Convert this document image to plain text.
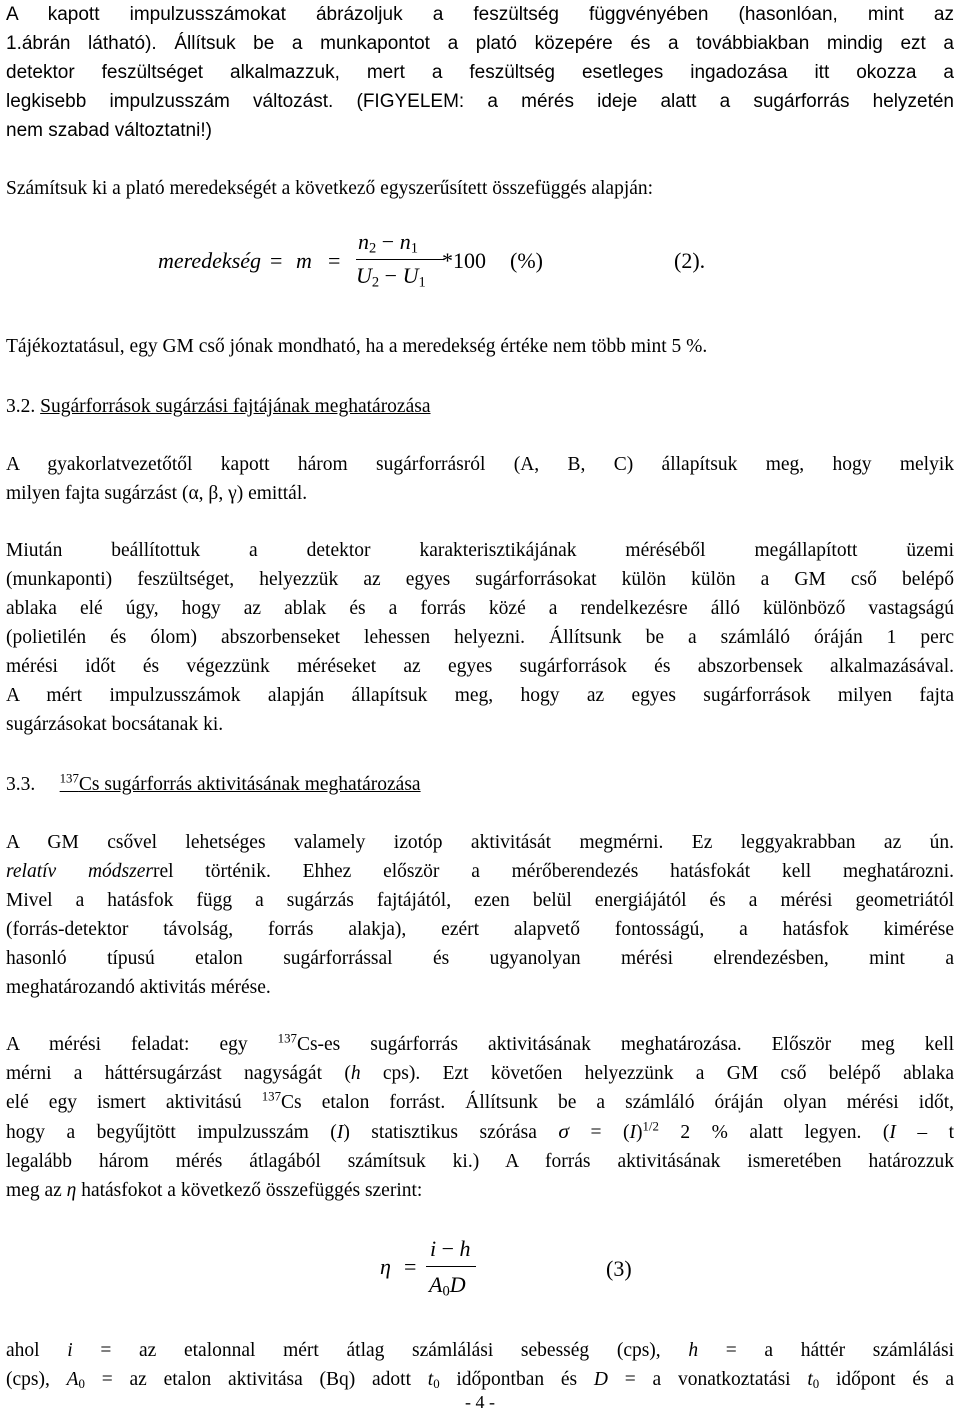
A kapott impulzusszámokat ábrázoljuk a feszültség függvényében (hasonlóan, mint az
1.ábrán látható). Állítsuk be a munkapontot a plató közepére és a továbbiakban mindig ezt a
detektor feszültséget alkalmazzuk, mert a feszültség esetleges ingadozása itt okozza a
legkisebb impulzusszám változást. (FIGYELEM: a mérés ideje alatt a sugárforrás helyzetén
nem szabad változtatni!)
Számítsuk ki a plató meredekségét a következő egyszerűsített összefüggés alapján:
meredekség = m =
$n_2 - n_1$
$U_2 - U_1$
*100 (%)	(2).
Tájékoztatásul, egy GM cső jónak mondható, ha a meredekség értéke nem több mint 5 %.
3.2. Sugárforrások sugárzási fajtájának meghatározása
A gyakorlatvezetőtől kapott három sugárforrásról (A, B, C) állapítsuk meg, hogy melyik
milyen fajta sugárzást (α, β, γ) emittál.
Miután beállítottuk a detektor karakterisztikájának méréséből megállapított üzemi
(munkaponti) feszültséget, helyezzük az egyes sugárforrásokat külön külön a GM cső belépő
ablaka elé úgy, hogy az ablak és a forrás közé a rendelkezésre álló különböző vastagságú
(polietilén és ólom) abszorbenseket lehessen helyezni. Állítsunk be a számláló óráján 1 perc
mérési időt és végezzünk méréseket az egyes sugárforrások és abszorbensek alkalmazásával.
A mért impulzusszámok alapján állapítsuk meg, hogy az egyes sugárforrások milyen fajta
sugárzásokat bocsátanak ki.
3.3. $^{137}$Cs sugárforrás aktivitásának meghatározása
A GM csővel lehetséges valamely izotóp aktivitását megmérni. Ez leggyakrabban az ún.
relatív módszerrel történik. Ehhez először a mérőberendezés hatásfokát kell meghatározni.
Mivel a hatásfok függ a sugárzás fajtájától, ezen belül energiájától és a mérési geometriától
(forrás-detektor távolság, forrás alakja), ezért alapvető fontosságú, a hatásfok kimérése
hasonló típusú etalon sugárforrással és ugyanolyan mérési elrendezésben, mint a
meghatározandó aktivitás mérése.
A mérési feladat: egy $^{137}$Cs-es sugárforrás aktivitásának meghatározása. Először meg kell
mérni a háttérsugárzást nagyságát (h cps). Ezt követően helyezzünk a GM cső belépő ablaka
elé egy ismert aktivitású $^{137}$Cs etalon forrást. Állítsunk be a számláló óráján olyan mérési időt,
hogy a begyűjtött impulzusszám (I) statisztikus szórása $\sigma = (I)^{1/2}$ 2 % alatt legyen. (I – t
legalább három mérés átlagából számítsuk ki.) A forrás aktivitásának ismeretében határozzuk
meg az η hatásfokot a következő összefüggés szerint:
η =
i − h
$A_0D$
(3)
ahol i = az etalonnal mért átlag számlálási sebesség (cps), h = a háttér számlálási
(cps), $A_0$ = az etalon aktivitása (Bq) adott $t_0$ időpontban és D = a vonatkoztatási $t_0$ időpont és a
- 4 -
